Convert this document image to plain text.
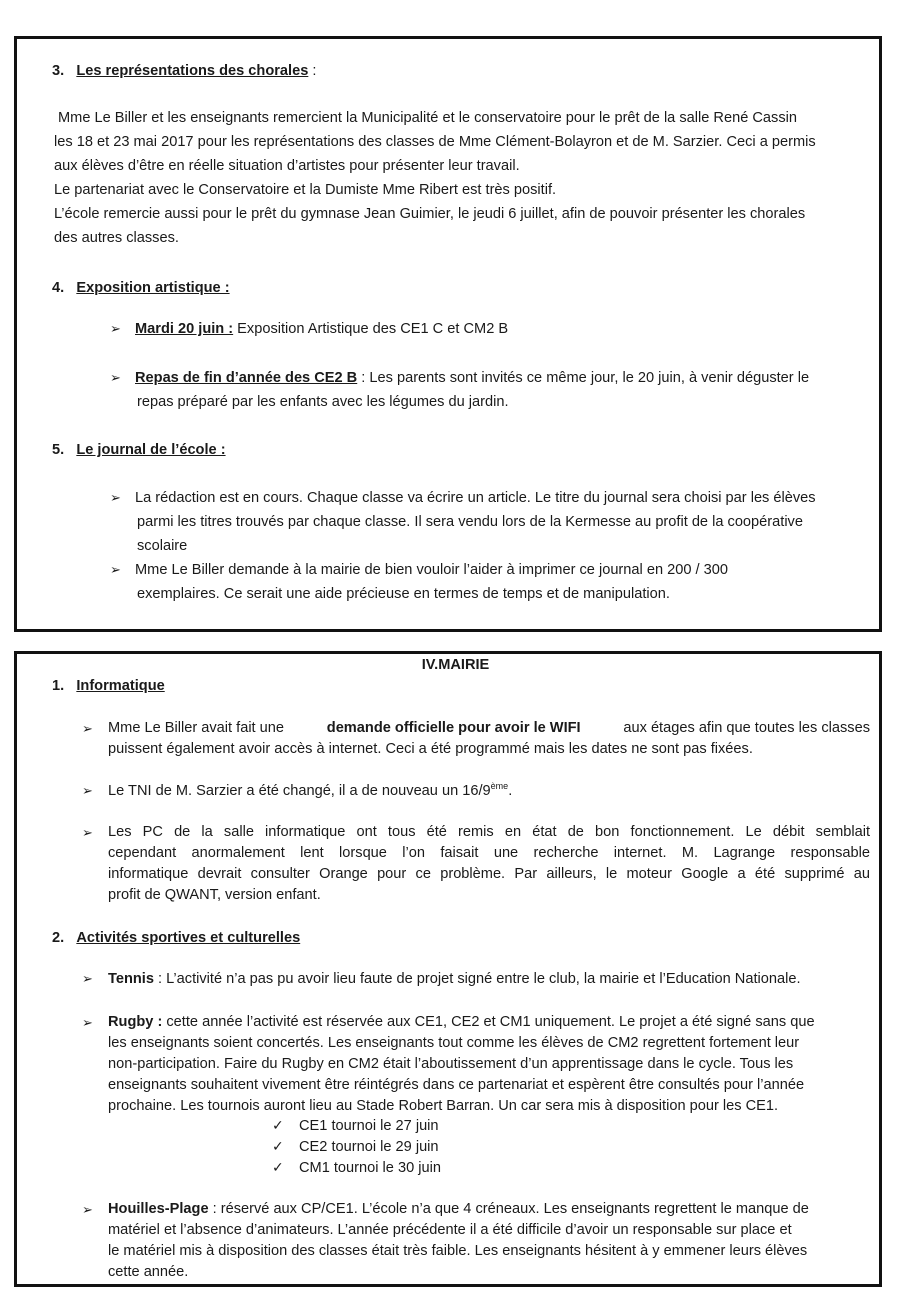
3. Les représentations des chorales :
Mme Le Biller et les enseignants remercient la Municipalité et le conservatoire pour le prêt de la salle René Cassin
les 18 et 23 mai 2017 pour les représentations des classes de Mme Clément-Bolayron et de M. Sarzier. Ceci a permis
aux élèves d’être en réelle situation d’artistes pour présenter leur travail.
Le partenariat avec le Conservatoire et la Dumiste Mme Ribert est très positif.
L’école remercie aussi pour le prêt du gymnase Jean Guimier, le jeudi 6 juillet, afin de pouvoir présenter les chorales
des autres classes.
4. Exposition artistique :
➢ Mardi 20 juin : Exposition Artistique des CE1 C et CM2 B
➢ Repas de fin d’année des CE2 B : Les parents sont invités ce même jour, le 20 juin, à venir déguster le
repas préparé par les enfants avec les légumes du jardin.
5. Le journal de l’école :
➢ La rédaction est en cours. Chaque classe va écrire un article. Le titre du journal sera choisi par les élèves
parmi les titres trouvés par chaque classe. Il sera vendu lors de la Kermesse au profit de la coopérative
scolaire
➢ Mme Le Biller demande à la mairie de bien vouloir l’aider à imprimer ce journal en 200 / 300
exemplaires. Ce serait une aide précieuse en termes de temps et de manipulation.
IV.MAIRIE
1. Informatique
➢ Mme Le Biller avait fait une	demande officielle pour avoir le WIFI	aux étages afin que toutes les classes
puissent également avoir accès à internet. Ceci a été programmé mais les dates ne sont pas fixées.
➢ Le TNI de M. Sarzier a été changé, il a de nouveau un 16/9ème.
➢ Les PC de la salle informatique ont tous été remis en état de bon fonctionnement. Le débit semblait
cependant anormalement lent lorsque l’on faisait une recherche internet. M. Lagrange responsable
informatique devrait consulter Orange pour ce problème. Par ailleurs, le moteur Google a été supprimé au
profit de QWANT, version enfant.
2. Activités sportives et culturelles
➢ Tennis : L’activité n’a pas pu avoir lieu faute de projet signé entre le club, la mairie et l’Education Nationale.
➢ Rugby : cette année l’activité est réservée aux CE1, CE2 et CM1 uniquement. Le projet a été signé sans que
les enseignants soient concertés. Les enseignants tout comme les élèves de CM2 regrettent fortement leur
non-participation. Faire du Rugby en CM2 était l’aboutissement d’un apprentissage dans le cycle. Tous les
enseignants souhaitent vivement être réintégrés dans ce partenariat et espèrent être consultés pour l’année
prochaine. Les tournois auront lieu au Stade Robert Barran. Un car sera mis à disposition pour les CE1.
✓ CE1 tournoi le 27 juin
✓ CE2 tournoi le 29 juin
✓ CM1 tournoi le 30 juin
➢ Houilles-Plage : réservé aux CP/CE1. L’école n’a que 4 créneaux. Les enseignants regrettent le manque de
matériel et l’absence d’animateurs. L’année précédente il a été difficile d’avoir un responsable sur place et
le matériel mis à disposition des classes était très faible. Les enseignants hésitent à y emmener leurs élèves
cette année.
